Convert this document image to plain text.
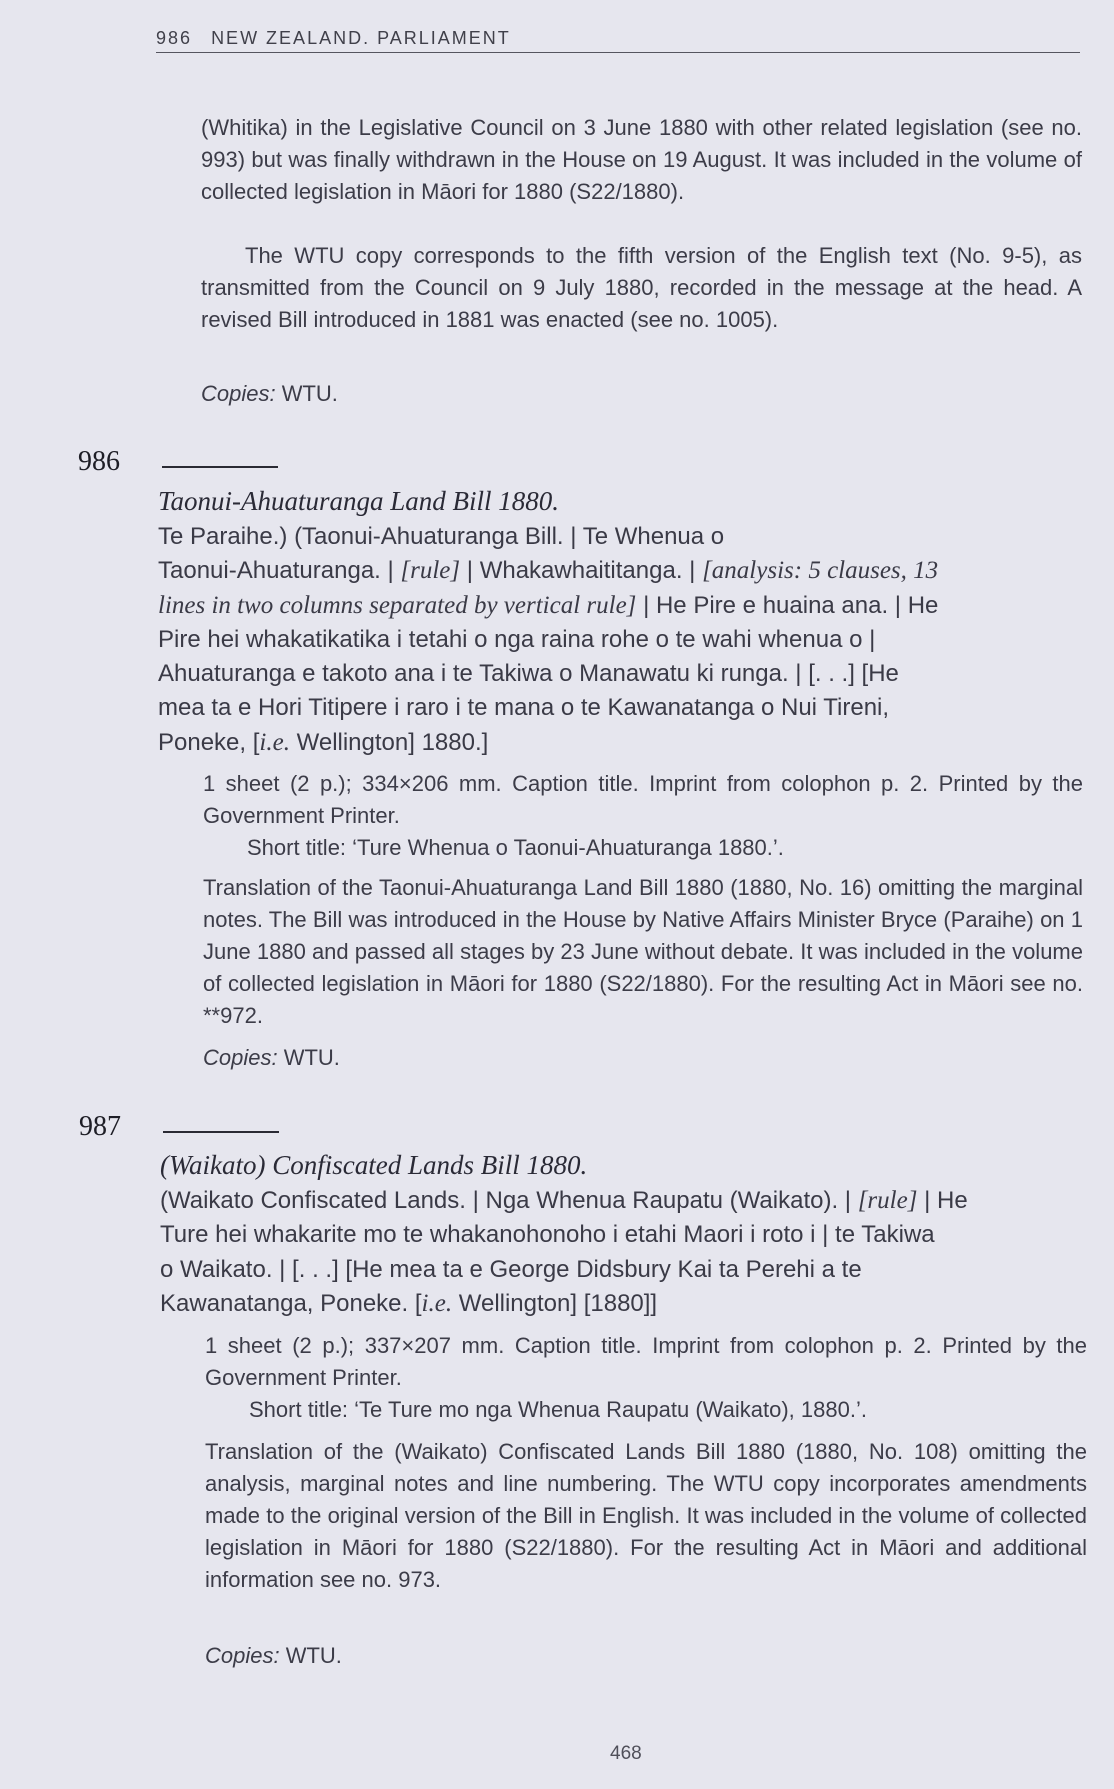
986 NEW ZEALAND. PARLIAMENT

(Whitika) in the Legislative Council on 3 June 1880 with other related legislation (see no. 993) but was finally withdrawn in the House on 19 August. It was included in the volume of collected legislation in Māori for 1880 (S22/1880).

The WTU copy corresponds to the fifth version of the English text (No. 9-5), as transmitted from the Council on 9 July 1880, recorded in the message at the head. A revised Bill introduced in 1881 was enacted (see no. 1005).

Copies: WTU.
986
Taonui-Ahuaturanga Land Bill 1880.
Te Paraihe.) (Taonui-Ahuaturanga Bill. | Te Whenua o
Taonui-Ahuaturanga. | [rule] | Whakawhaititanga. | [analysis: 5 clauses, 13
lines in two columns separated by vertical rule] | He Pire e huaina ana. | He
Pire hei whakatikatika i tetahi o nga raina rohe o te wahi whenua o |
Ahuaturanga e takoto ana i te Takiwa o Manawatu ki runga. | [. . .] [He
mea ta e Hori Titipere i raro i te mana o te Kawanatanga o Nui Tireni,
Poneke, [i.e. Wellington] 1880.]

1 sheet (2 p.); 334×206 mm. Caption title. Imprint from colophon p. 2. Printed by the Government Printer.

Short title: ‘Ture Whenua o Taonui-Ahuaturanga 1880.’.

Translation of the Taonui-Ahuaturanga Land Bill 1880 (1880, No. 16) omitting the marginal notes. The Bill was introduced in the House by Native Affairs Minister Bryce (Paraihe) on 1 June 1880 and passed all stages by 23 June without debate. It was included in the volume of collected legislation in Māori for 1880 (S22/1880). For the resulting Act in Māori see no. **972.

Copies: WTU.
987
(Waikato) Confiscated Lands Bill 1880.
(Waikato Confiscated Lands. | Nga Whenua Raupatu (Waikato). | [rule] | He
Ture hei whakarite mo te whakanohonoho i etahi Maori i roto i | te Takiwa
o Waikato. | [. . .] [He mea ta e George Didsbury Kai ta Perehi a te
Kawanatanga, Poneke. [i.e. Wellington] [1880]]

1 sheet (2 p.); 337×207 mm. Caption title. Imprint from colophon p. 2. Printed by the Government Printer.

Short title: ‘Te Ture mo nga Whenua Raupatu (Waikato), 1880.’.

Translation of the (Waikato) Confiscated Lands Bill 1880 (1880, No. 108) omitting the analysis, marginal notes and line numbering. The WTU copy incorporates amendments made to the original version of the Bill in English. It was included in the volume of collected legislation in Māori for 1880 (S22/1880). For the resulting Act in Māori and additional information see no. 973.

Copies: WTU.
468
